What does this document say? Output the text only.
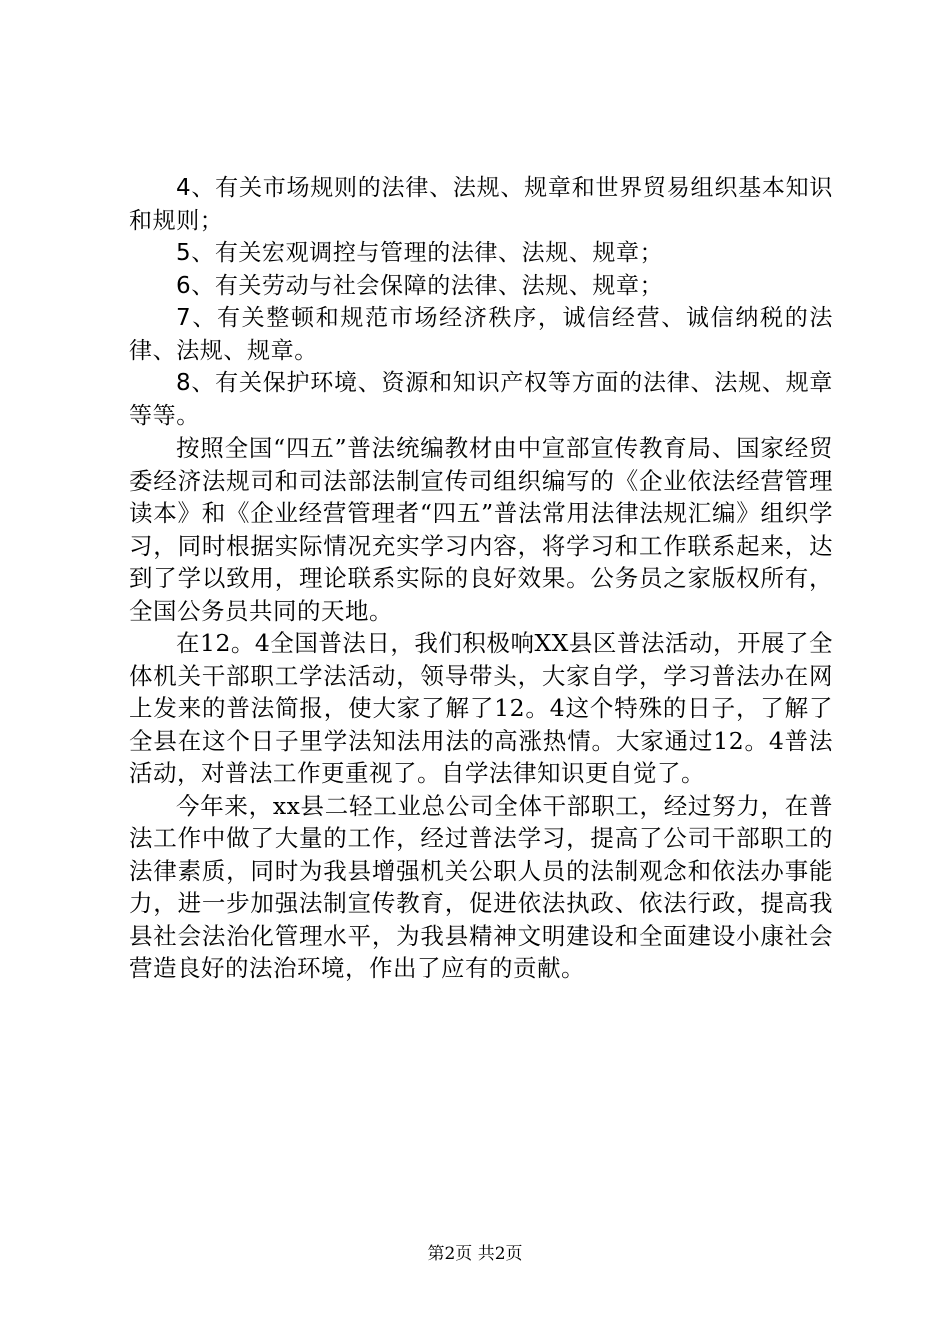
4、有关市场规则的法律、法规、规章和世界贸易组织基本知识和规则；

5、有关宏观调控与管理的法律、法规、规章；

6、有关劳动与社会保障的法律、法规、规章；

7、有关整顿和规范市场经济秩序，诚信经营、诚信纳税的法律、法规、规章。

8、有关保护环境、资源和知识产权等方面的法律、法规、规章等等。

按照全国“四五”普法统编教材由中宣部宣传教育局、国家经贸委经济法规司和司法部法制宣传司组织编写的《企业依法经营管理读本》和《企业经营管理者“四五”普法常用法律法规汇编》组织学习，同时根据实际情况充实学习内容，将学习和工作联系起来，达到了学以致用，理论联系实际的良好效果。公务员之家版权所有，全国公务员共同的天地。

在12。4全国普法日，我们积极响XX县区普法活动，开展了全体机关干部职工学法活动，领导带头，大家自学，学习普法办在网上发来的普法简报，使大家了解了12。4这个特殊的日子，了解了全县在这个日子里学法知法用法的高涨热情。大家通过12。4普法活动，对普法工作更重视了。自学法律知识更自觉了。

今年来，xx县二轻工业总公司全体干部职工，经过努力，在普法工作中做了大量的工作，经过普法学习，提高了公司干部职工的法律素质，同时为我县增强机关公职人员的法制观念和依法办事能力，进一步加强法制宣传教育，促进依法执政、依法行政，提高我县社会法治化管理水平，为我县精神文明建设和全面建设小康社会营造良好的法治环境，作出了应有的贡献。

第2页 共2页
